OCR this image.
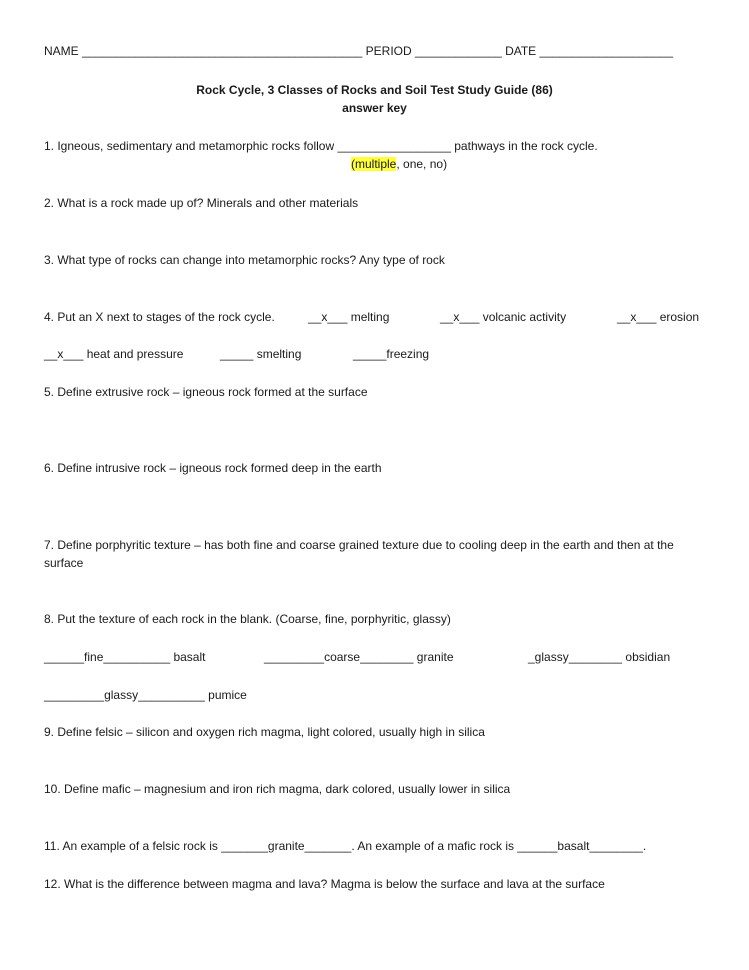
NAME __________________________________________ PERIOD _____________ DATE ____________________
Rock Cycle, 3 Classes of Rocks and Soil Test Study Guide (86)
answer key
1. Igneous, sedimentary and metamorphic rocks follow _________________ pathways in the rock cycle.
(multiple, one, no)
2. What is a rock made up of? Minerals and other materials
3. What type of rocks can change into metamorphic rocks? Any type of rock
4. Put an X next to stages of the rock cycle.	__x___ melting	__x___ volcanic activity	__x___ erosion
__x___ heat and pressure	_____ smelting	_____freezing
5. Define extrusive rock – igneous rock formed at the surface
6. Define intrusive rock – igneous rock formed deep in the earth
7. Define porphyritic texture – has both fine and coarse grained texture due to cooling deep in the earth and then at the surface
8. Put the texture of each rock in the blank. (Coarse, fine, porphyritic, glassy)
______fine__________ basalt	_________coarse________ granite	_glassy________ obsidian
_________glassy__________ pumice
9. Define felsic – silicon and oxygen rich magma, light colored, usually high in silica
10. Define mafic – magnesium and iron rich magma, dark colored, usually lower in silica
11. An example of a felsic rock is _______granite_______. An example of a mafic rock is ______basalt________.
12. What is the difference between magma and lava? Magma is below the surface and lava at the surface
